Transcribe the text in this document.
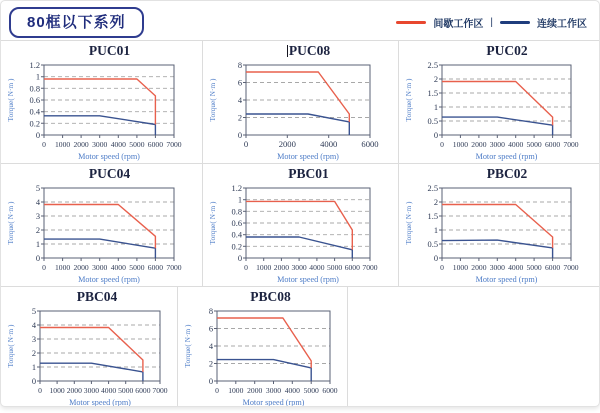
80框以下系列	间歇工作区 |	连续工作区
PUC01
0 1000 2000 3000 4000 5000 6000 7000
0
0.2
0.4
0.6
0.8
1
1.2
Torque( N·m )
Motor speed (rpm)
PUC08
0	2000	4000	6000
0
2
4
6
8
Torque( N·m )
Motor speed (rpm)
PUC02
0 1000 2000 3000 4000 5000 6000 7000
0
0.5
1
1.5
2
2.5
Torque( N·m )
Motor speed (rpm)
PUC04
0 1000 2000 3000 4000 5000 6000 7000
0
1
2
3
4
5
Torque( N·m )
Motor speed (rpm)
PBC01
0 1000 2000 3000 4000 5000 6000 7000
0
0.2
0.4
0.6
0.8
1
1.2
Torque( N·m )
Motor speed (rpm)
PBC02
0 1000 2000 3000 4000 5000 6000 7000
0
0.5
1
1.5
2
2.5
Torque( N·m )
Motor speed (rpm)
PBC04
0 1000 2000 3000 4000 5000 6000 7000
0
1
2
3
4
5
Torque( N·m )
Motor speed (rpm)
PBC08
0 1000 2000 3000 4000 5000 6000
0
2
4
6
8
Torque( N·m )
Motor speed (rpm)
